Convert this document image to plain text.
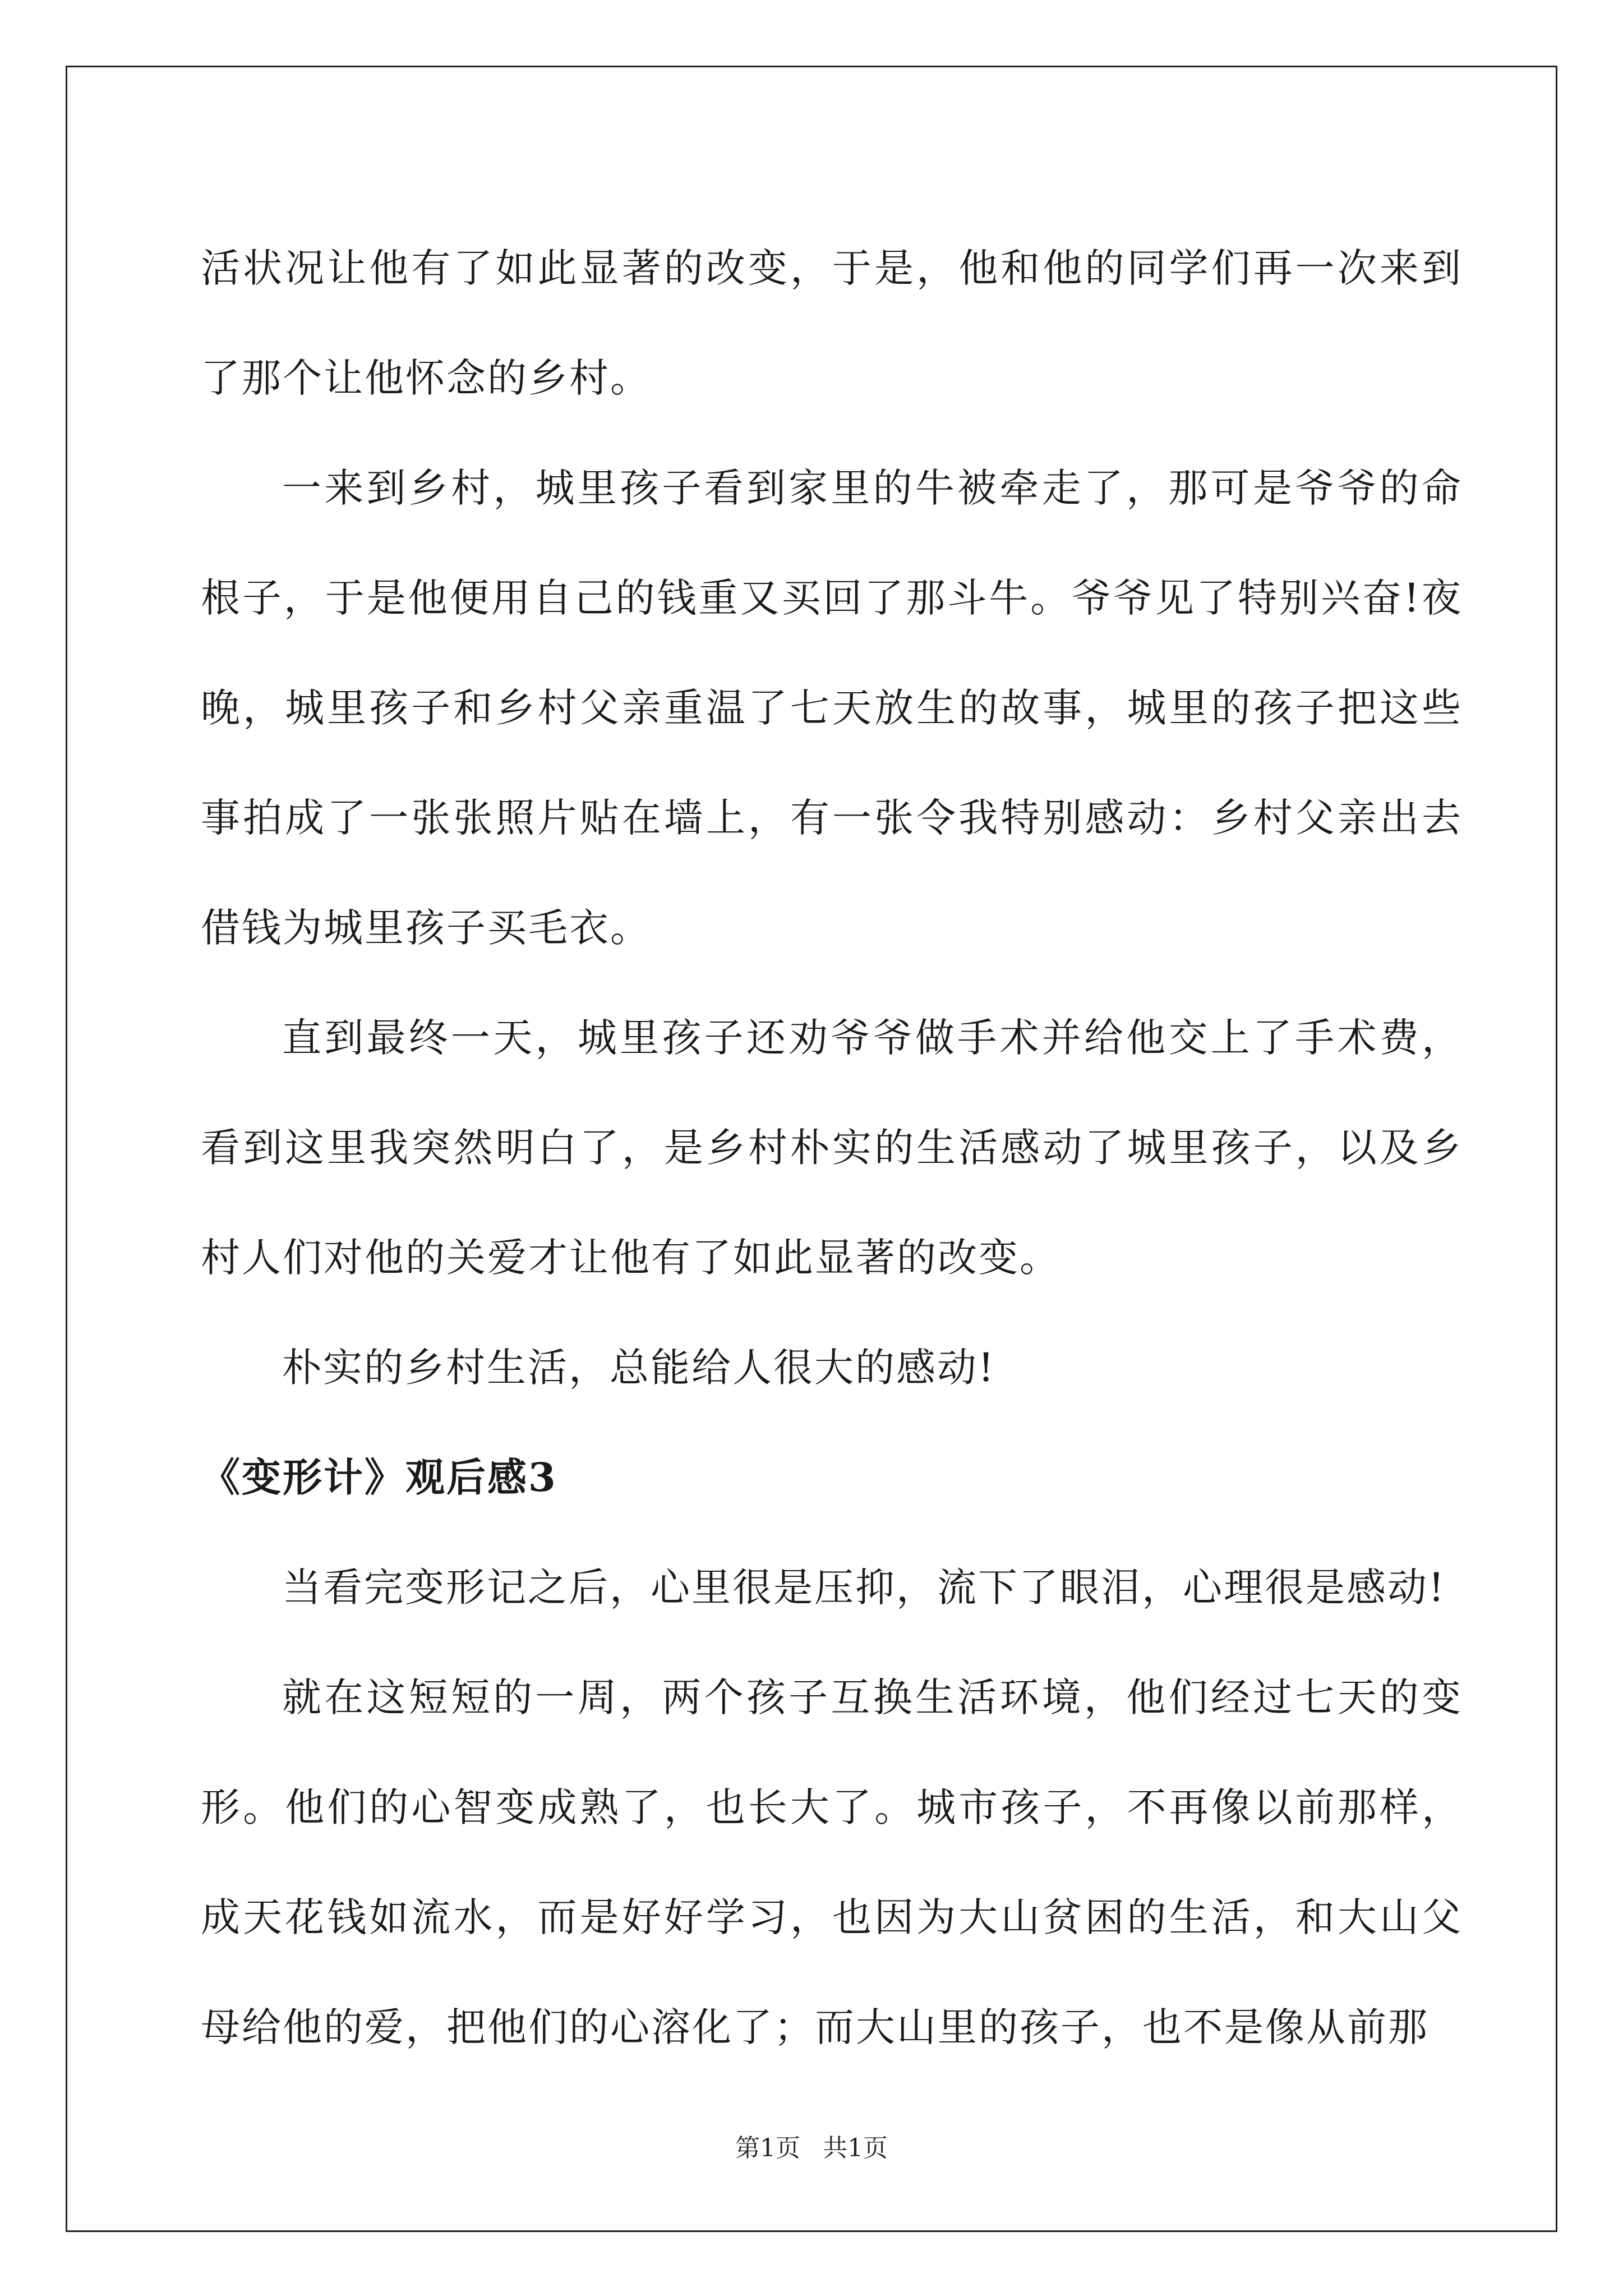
活状况让他有了如此显著的改变，于是，他和他的同学们再一次来到了那个让他怀念的乡村。

一来到乡村，城里孩子看到家里的牛被牵走了，那可是爷爷的命根子，于是他便用自己的钱重又买回了那斗牛。爷爷见了特别兴奋!夜晚，城里孩子和乡村父亲重温了七天放生的故事，城里的孩子把这些事拍成了一张张照片贴在墙上，有一张令我特别感动：乡村父亲出去借钱为城里孩子买毛衣。

直到最终一天，城里孩子还劝爷爷做手术并给他交上了手术费，看到这里我突然明白了，是乡村朴实的生活感动了城里孩子，以及乡村人们对他的关爱才让他有了如此显著的改变。

朴实的乡村生活，总能给人很大的感动!

《变形计》观后感3

当看完变形记之后，心里很是压抑，流下了眼泪，心理很是感动!

就在这短短的一周，两个孩子互换生活环境，他们经过七天的变形。他们的心智变成熟了，也长大了。城市孩子，不再像以前那样，成天花钱如流水，而是好好学习，也因为大山贫困的生活，和大山父母给他的爱，把他们的心溶化了；而大山里的孩子，也不是像从前那

第1页 共1页
